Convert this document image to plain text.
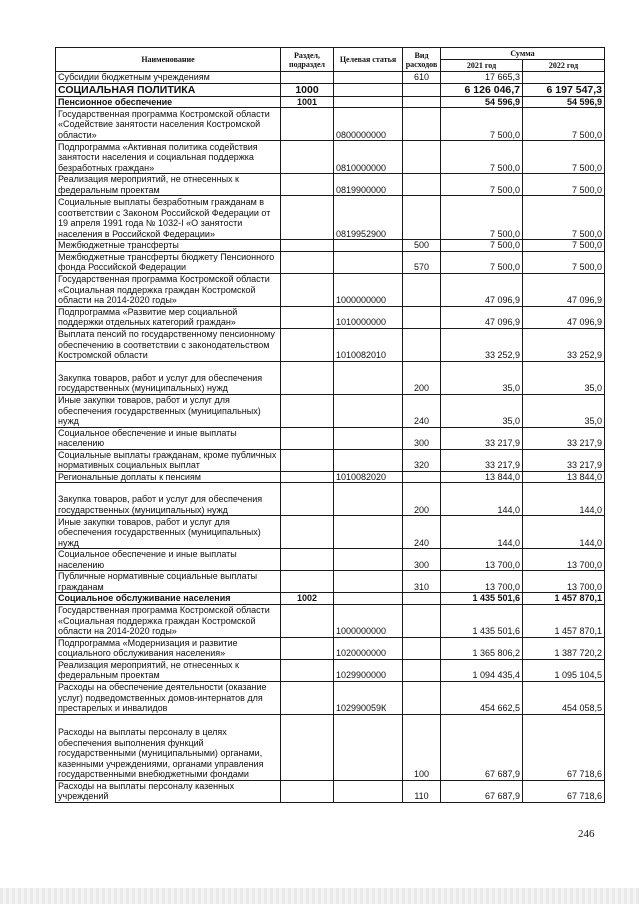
Наименование	Раздел, подраздел	Целевая статья	Вид расходов	Сумма	
				2021 год	2022 год
Субсидии бюджетным учреждениям			610	17 665,3	
СОЦИАЛЬНАЯ ПОЛИТИКА	1000			6 126 046,7	6 197 547,3
Пенсионное обеспечение	1001			54 596,9	54 596,9
Государственная программа Костромской области «Содействие занятости населения Костромской области»		0800000000		7 500,0	7 500,0
Подпрограмма «Активная политика содействия занятости населения и социальная поддержка безработных граждан»		0810000000		7 500,0	7 500,0
Реализация мероприятий, не отнесенных к федеральным проектам		0819900000		7 500,0	7 500,0
Социальные выплаты безработным гражданам в соответствии с Законом Российской Федерации от 19 апреля 1991 года № 1032-I «О занятости населения в Российской Федерации»		0819952900		7 500,0	7 500,0
Межбюджетные трансферты			500	7 500,0	7 500,0
Межбюджетные трансферты бюджету Пенсионного фонда Российской Федерации			570	7 500,0	7 500,0
Государственная программа Костромской области «Социальная поддержка граждан Костромской области на 2014-2020 годы»		1000000000		47 096,9	47 096,9
Подпрограмма «Развитие мер социальной поддержки отдельных категорий граждан»		1010000000		47 096,9	47 096,9
Выплата пенсий по государственному пенсионному обеспечению в соответствии с законодательством Костромской области		1010082010		33 252,9	33 252,9
Закупка товаров, работ и услуг для обеспечения государственных (муниципальных) нужд			200	35,0	35,0
Иные закупки товаров, работ и услуг для обеспечения государственных (муниципальных) нужд			240	35,0	35,0
Социальное обеспечение и иные выплаты населению			300	33 217,9	33 217,9
Социальные выплаты гражданам, кроме публичных нормативных социальных выплат			320	33 217,9	33 217,9
Региональные доплаты к пенсиям		1010082020		13 844,0	13 844,0
Закупка товаров, работ и услуг для обеспечения государственных (муниципальных) нужд			200	144,0	144,0
Иные закупки товаров, работ и услуг для обеспечения государственных (муниципальных) нужд			240	144,0	144,0
Социальное обеспечение и иные выплаты населению			300	13 700,0	13 700,0
Публичные нормативные социальные выплаты гражданам			310	13 700,0	13 700,0
Социальное обслуживание населения	1002			1 435 501,6	1 457 870,1
Государственная программа Костромской области «Социальная поддержка граждан Костромской области на 2014-2020 годы»		1000000000		1 435 501,6	1 457 870,1
Подпрограмма «Модернизация и развитие социального обслуживания населения»		1020000000		1 365 806,2	1 387 720,2
Реализация мероприятий, не отнесенных к федеральным проектам		1029900000		1 094 435,4	1 095 104,5
Расходы на обеспечение деятельности (оказание услуг) подведомственных домов-интернатов для престарелых и инвалидов		102990059К		454 662,5	454 058,5
Расходы на выплаты персоналу в целях обеспечения выполнения функций государственными (муниципальными) органами, казенными учреждениями, органами управления государственными внебюджетными фондами			100	67 687,9	67 718,6
Расходы на выплаты персоналу казенных учреждений			110	67 687,9	67 718,6
246
